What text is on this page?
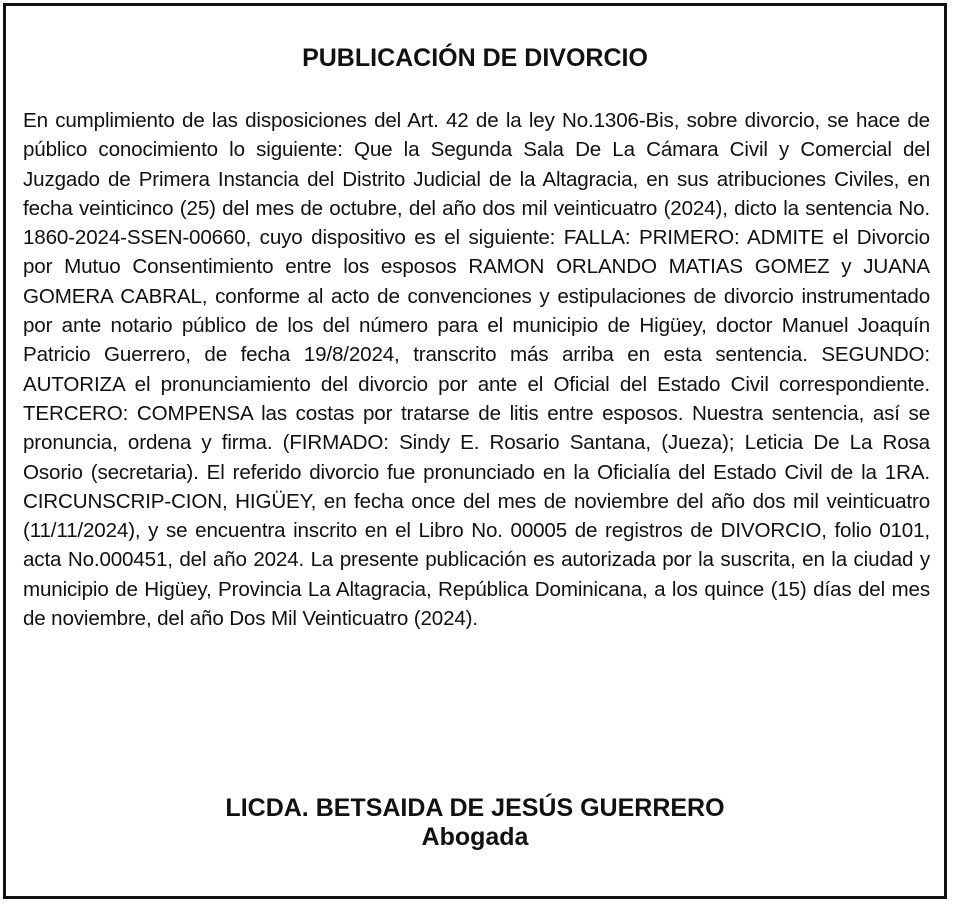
PUBLICACIÓN DE DIVORCIO

En cumplimiento de las disposiciones del Art. 42 de la ley No.1306-Bis, sobre divorcio, se hace de público conocimiento lo siguiente: Que la Segunda Sala De La Cámara Civil y Comercial del Juzgado de Primera Instancia del Distrito Judicial de la Altagracia, en sus atribuciones Civiles, en fecha veinticinco (25) del mes de octubre, del año dos mil veinticuatro (2024), dicto la sentencia No. 1860-2024-SSEN-00660, cuyo dispositivo es el siguiente: FALLA: PRIMERO: ADMITE el Divorcio por Mutuo Consentimiento entre los esposos RAMON ORLANDO MATIAS GOMEZ y JUANA GOMERA CABRAL, conforme al acto de convenciones y estipulaciones de divorcio instrumentado por ante notario público de los del número para el municipio de Higüey, doctor Manuel Joaquín Patricio Guerrero, de fecha 19/8/2024, transcrito más arriba en esta sentencia. SEGUNDO: AUTORIZA el pronunciamiento del divorcio por ante el Oficial del Estado Civil correspondiente. TERCERO: COMPENSA las costas por tratarse de litis entre esposos. Nuestra sentencia, así se pronuncia, ordena y firma. (FIRMADO: Sindy E. Rosario Santana, (Jueza); Leticia De La Rosa Osorio (secretaria). El referido divorcio fue pronunciado en la Oficialía del Estado Civil de la 1RA. CIRCUNSCRIP-CION, HIGÜEY, en fecha once del mes de noviembre del año dos mil veinticuatro (11/11/2024), y se encuentra inscrito en el Libro No. 00005 de registros de DIVORCIO, folio 0101, acta No.000451, del año 2024. La presente publicación es autorizada por la suscrita, en la ciudad y municipio de Higüey, Provincia La Altagracia, República Dominicana, a los quince (15) días del mes de noviembre, del año Dos Mil Veinticuatro (2024).

LICDA. BETSAIDA DE JESÚS GUERRERO
Abogada
